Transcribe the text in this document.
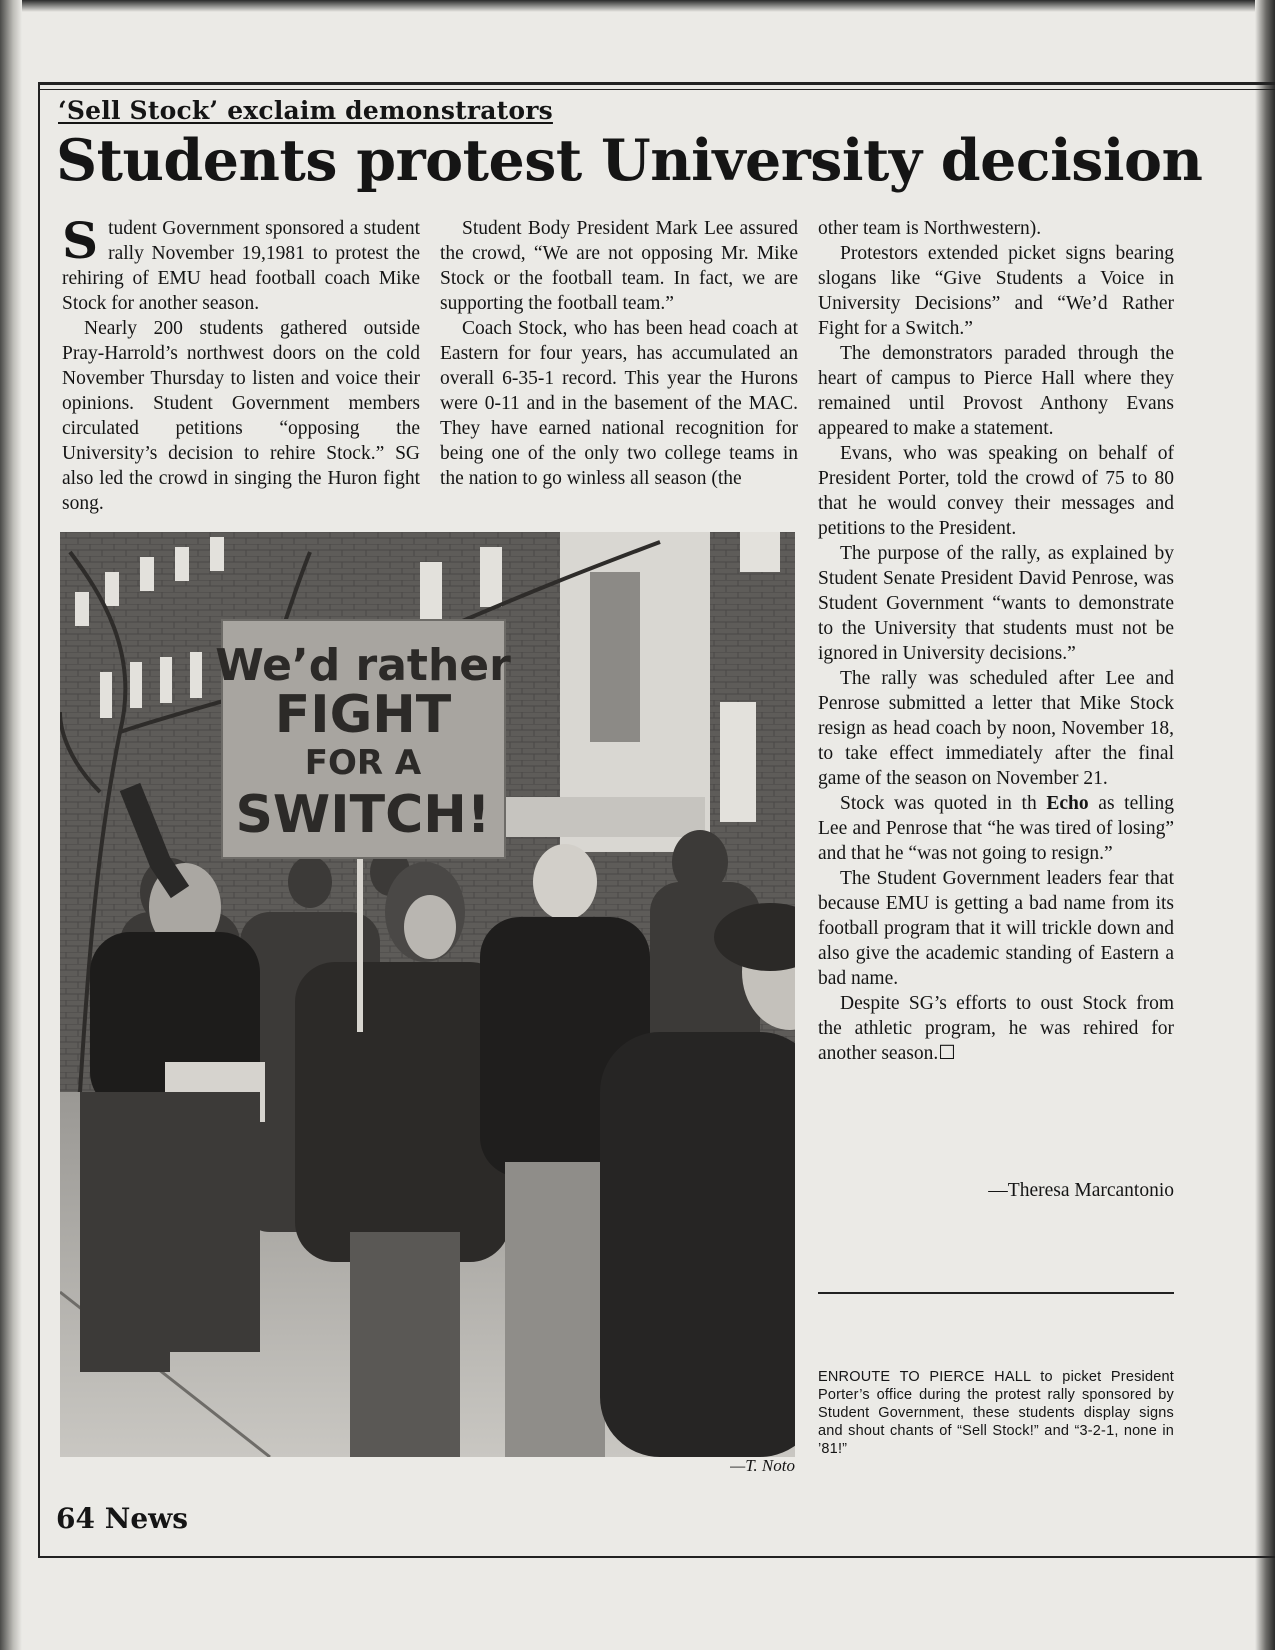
‘Sell Stock’ exclaim demonstrators
Students protest University decision

Student Government sponsored a student rally November 19,1981 to protest the rehiring of EMU head football coach Mike Stock for another season.

Nearly 200 students gathered outside Pray-Harrold’s northwest doors on the cold November Thursday to listen and voice their opinions. Student Government members circulated petitions “opposing the University’s decision to rehire Stock.” SG also led the crowd in singing the Huron fight song.

Student Body President Mark Lee assured the crowd, “We are not opposing Mr. Mike Stock or the football team. In fact, we are supporting the football team.”

Coach Stock, who has been head coach at Eastern for four years, has accumulated an overall 6-35-1 record. This year the Hurons were 0-11 and in the basement of the MAC. They have earned national recognition for being one of the only two college teams in the nation to go winless all season (the

other team is Northwestern).

Protestors extended picket signs bearing slogans like “Give Students a Voice in University Decisions” and “We’d Rather Fight for a Switch.”

The demonstrators paraded through the heart of campus to Pierce Hall where they remained until Provost Anthony Evans appeared to make a statement.

Evans, who was speaking on behalf of President Porter, told the crowd of 75 to 80 that he would convey their messages and petitions to the President.

The purpose of the rally, as explained by Student Senate President David Penrose, was Student Government “wants to demonstrate to the University that students must not be ignored in University decisions.”

The rally was scheduled after Lee and Penrose submitted a letter that Mike Stock resign as head coach by noon, November 18, to take effect immediately after the final game of the season on November 21.

Stock was quoted in th Echo as telling Lee and Penrose that “he was tired of losing” and that he “was not going to resign.”

The Student Government leaders fear that because EMU is getting a bad name from its football program that it will trickle down and also give the academic standing of Eastern a bad name.

Despite SG’s efforts to oust Stock from the athletic program, he was rehired for another season.☐

—Theresa Marcantonio
We’d rather
FIGHT
FOR A
SWITCH!
—T. Noto
ENROUTE TO PIERCE HALL to picket President Porter’s office during the protest rally sponsored by Student Government, these students display signs and shout chants of “Sell Stock!” and “3-2-1, none in ’81!”
64 News
